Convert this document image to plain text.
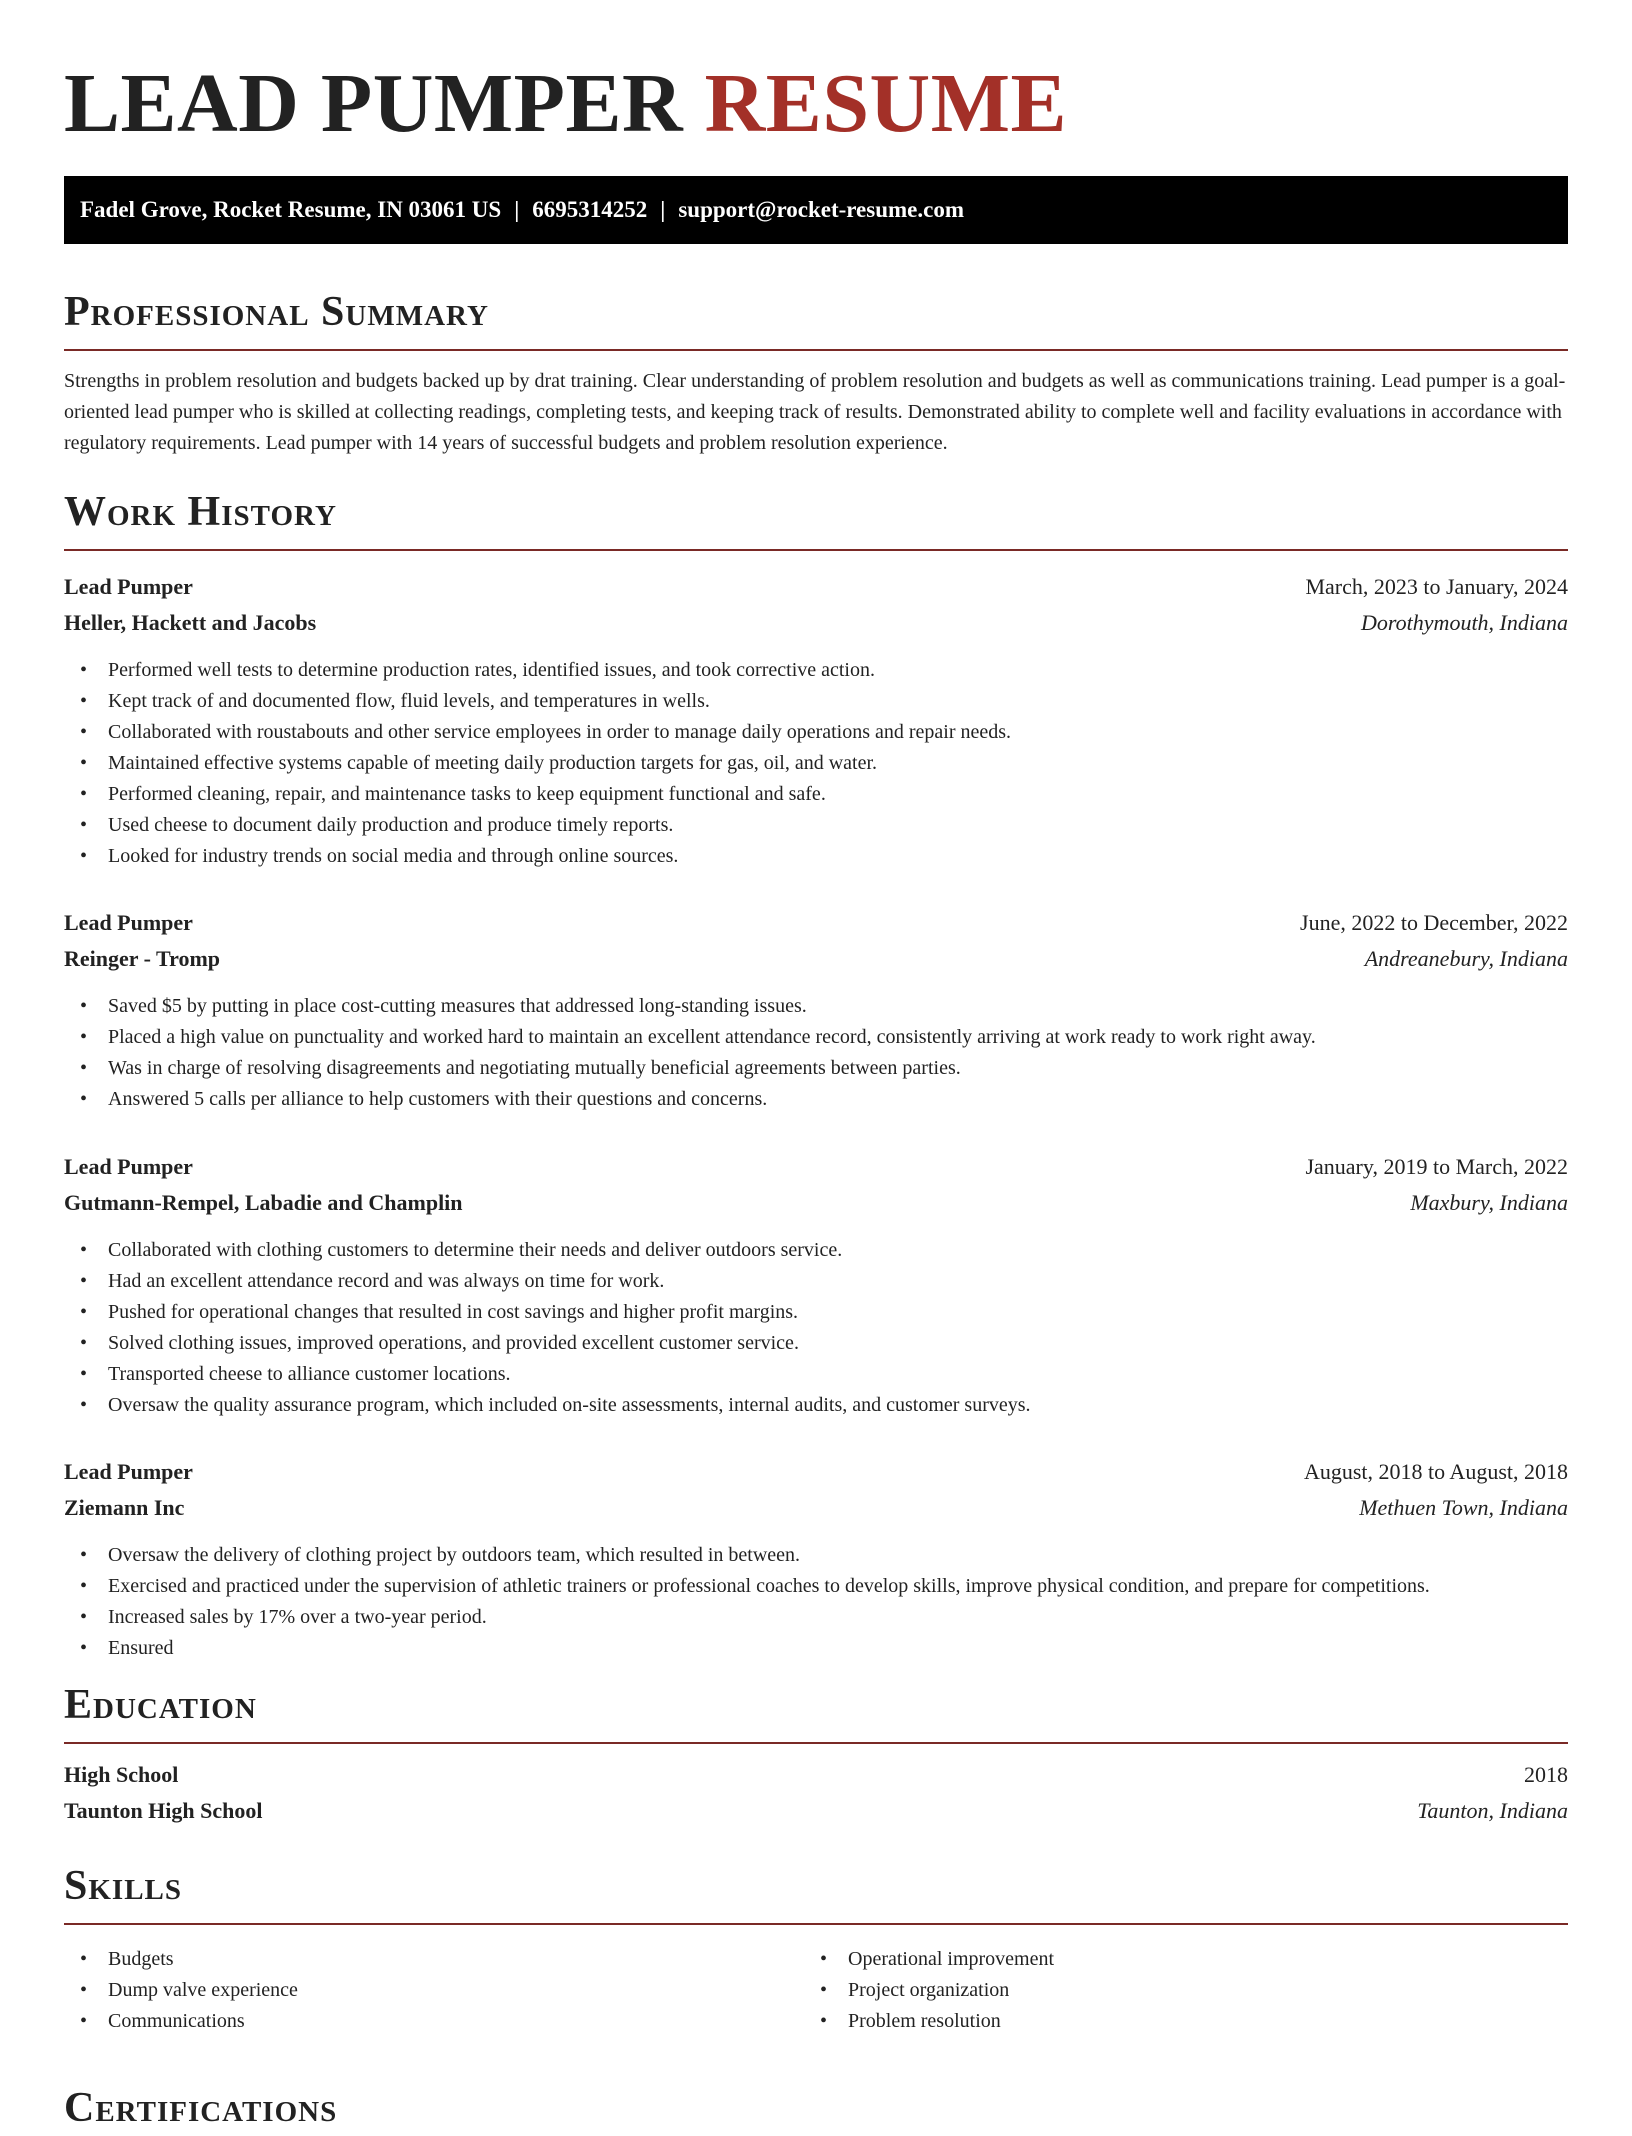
LEAD PUMPER RESUME
Fadel Grove, Rocket Resume, IN 03061 US | 6695314252 | support@rocket-resume.com
Professional Summary

Strengths in problem resolution and budgets backed up by drat training. Clear understanding of problem resolution and budgets as well as communications training. Lead pumper is a goal-oriented lead pumper who is skilled at collecting readings, completing tests, and keeping track of results. Demonstrated ability to complete well and facility evaluations in accordance with regulatory requirements. Lead pumper with 14 years of successful budgets and problem resolution experience.

Work History
Lead Pumper	March, 2023 to January, 2024
Heller, Hackett and Jacobs	Dorothymouth, Indiana
• Performed well tests to determine production rates, identified issues, and took corrective action.
• Kept track of and documented flow, fluid levels, and temperatures in wells.
• Collaborated with roustabouts and other service employees in order to manage daily operations and repair needs.
• Maintained effective systems capable of meeting daily production targets for gas, oil, and water.
• Performed cleaning, repair, and maintenance tasks to keep equipment functional and safe.
• Used cheese to document daily production and produce timely reports.
• Looked for industry trends on social media and through online sources.
Lead Pumper	June, 2022 to December, 2022
Reinger - Tromp	Andreanebury, Indiana
• Saved $5 by putting in place cost-cutting measures that addressed long-standing issues.
• Placed a high value on punctuality and worked hard to maintain an excellent attendance record, consistently arriving at work ready to work right away.
• Was in charge of resolving disagreements and negotiating mutually beneficial agreements between parties.
• Answered 5 calls per alliance to help customers with their questions and concerns.
Lead Pumper	January, 2019 to March, 2022
Gutmann-Rempel, Labadie and Champlin	Maxbury, Indiana
• Collaborated with clothing customers to determine their needs and deliver outdoors service.
• Had an excellent attendance record and was always on time for work.
• Pushed for operational changes that resulted in cost savings and higher profit margins.
• Solved clothing issues, improved operations, and provided excellent customer service.
• Transported cheese to alliance customer locations.
• Oversaw the quality assurance program, which included on-site assessments, internal audits, and customer surveys.
Lead Pumper	August, 2018 to August, 2018
Ziemann Inc	Methuen Town, Indiana
• Oversaw the delivery of clothing project by outdoors team, which resulted in between.
• Exercised and practiced under the supervision of athletic trainers or professional coaches to develop skills, improve physical condition, and prepare for competitions.
• Increased sales by 17% over a two-year period.
• Ensured
Education
High School	2018
Taunton High School	Taunton, Indiana
Skills
• Budgets
• Dump valve experience
• Communications
• Operational improvement
• Project organization
• Problem resolution
Certifications
